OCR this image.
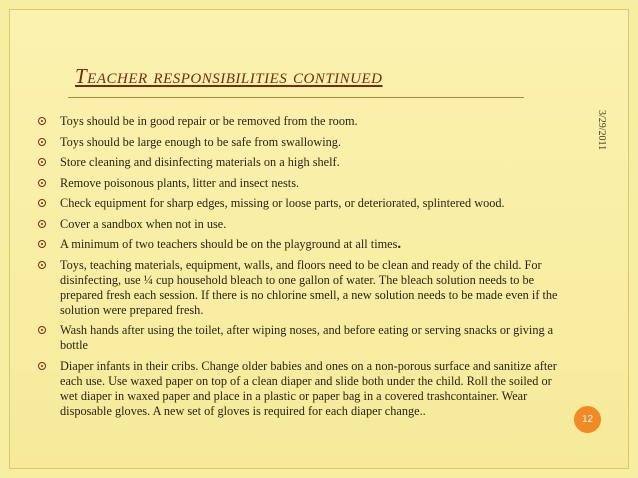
Teacher responsibilities continued
3/29/2011
Toys should be in good repair or be removed from the room.
Toys should be large enough to be safe from swallowing.
Store cleaning and disinfecting materials on a high shelf.
Remove poisonous plants, litter and insect nests.
Check equipment for sharp edges, missing or loose parts, or deteriorated, splintered wood.
Cover a sandbox when not in use.
A minimum of two teachers should be on the playground at all times.
Toys, teaching materials, equipment, walls, and floors need to be clean and ready of the child. For disinfecting, use ¼ cup household bleach to one gallon of water. The bleach solution needs to be prepared fresh each session. If there is no chlorine smell, a new solution needs to be made even if the solution were prepared fresh.
Wash hands after using the toilet, after wiping noses, and before eating or serving snacks or giving a bottle
Diaper infants in their cribs. Change older babies and ones on a non-porous surface and sanitize after each use. Use waxed paper on top of a clean diaper and slide both under the child. Roll the soiled or wet diaper in waxed paper and place in a plastic or paper bag in a covered trashcontainer. Wear disposable gloves. A new set of gloves is required for each diaper change..
12
